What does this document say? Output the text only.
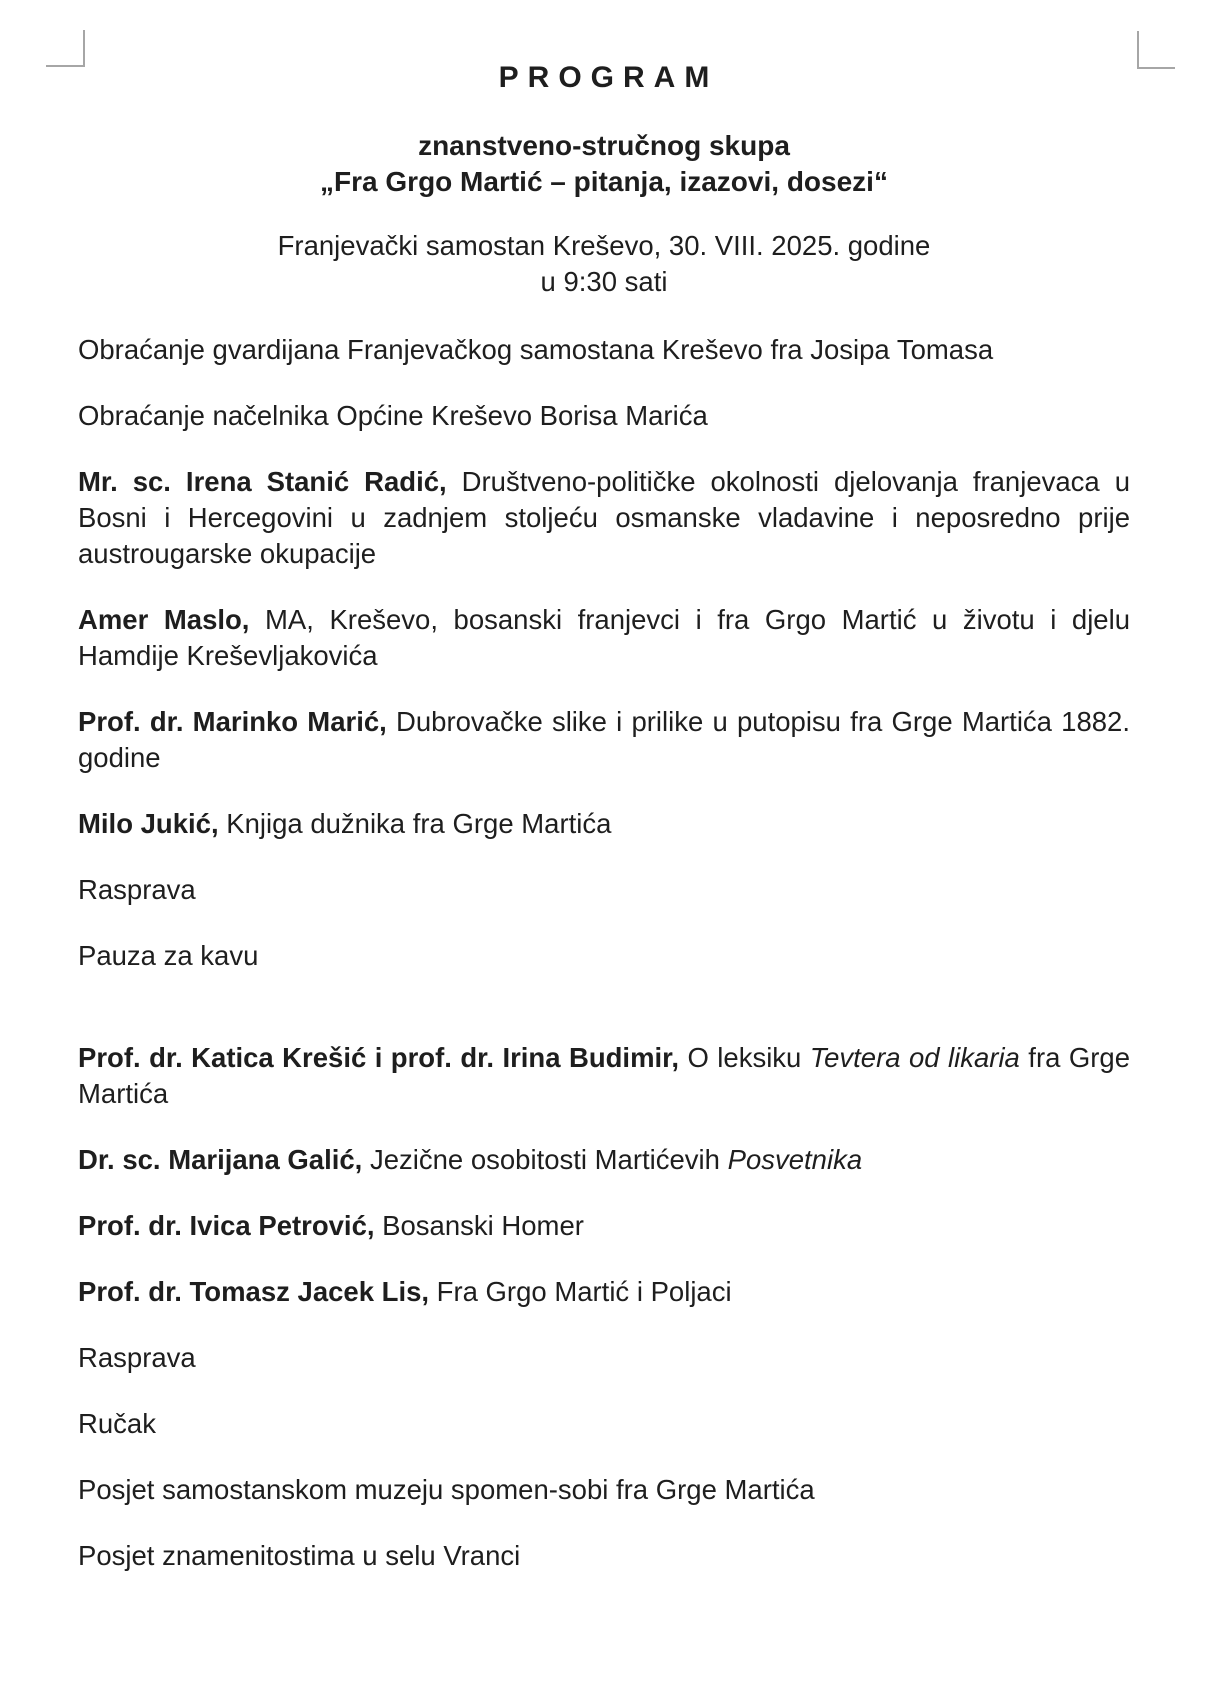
PROGRAM

znanstveno-stručnog skupa

„Fra Grgo Martić – pitanja, izazovi, dosezi“

Franjevački samostan Kreševo, 30. VIII. 2025. godine

u 9:30 sati

Obraćanje gvardijana Franjevačkog samostana Kreševo fra Josipa Tomasa

Obraćanje načelnika Općine Kreševo Borisa Marića

Mr. sc. Irena Stanić Radić, Društveno-političke okolnosti djelovanja franjevaca u Bosni i Hercegovini u zadnjem stoljeću osmanske vladavine i neposredno prije austrougarske okupacije

Amer Maslo, MA, Kreševo, bosanski franjevci i fra Grgo Martić u životu i djelu Hamdije Kreševljakovića

Prof. dr. Marinko Marić, Dubrovačke slike i prilike u putopisu fra Grge Martića 1882. godine

Milo Jukić, Knjiga dužnika fra Grge Martića

Rasprava

Pauza za kavu

Prof. dr. Katica Krešić i prof. dr. Irina Budimir, O leksiku Tevtera od likaria fra Grge Martića

Dr. sc. Marijana Galić, Jezične osobitosti Martićevih Posvetnika

Prof. dr. Ivica Petrović, Bosanski Homer

Prof. dr. Tomasz Jacek Lis, Fra Grgo Martić i Poljaci

Rasprava

Ručak

Posjet samostanskom muzeju spomen-sobi fra Grge Martića

Posjet znamenitostima u selu Vranci
